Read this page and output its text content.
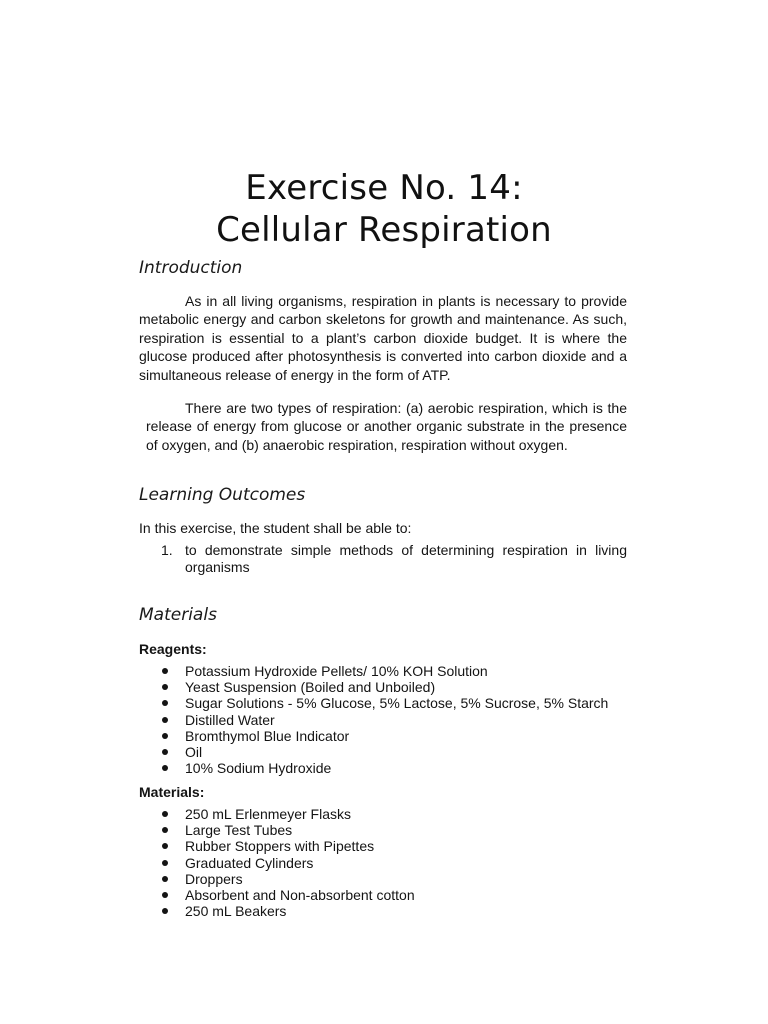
Exercise No. 14:
Cellular Respiration
Introduction

As in all living organisms, respiration in plants is necessary to provide metabolic energy and carbon skeletons for growth and maintenance. As such, respiration is essential to a plant’s carbon dioxide budget. It is where the glucose produced after photosynthesis is converted into carbon dioxide and a simultaneous release of energy in the form of ATP.

There are two types of respiration: (a) aerobic respiration, which is the release of energy from glucose or another organic substrate in the presence of oxygen, and (b) anaerobic respiration, respiration without oxygen.

Learning Outcomes

In this exercise, the student shall be able to:

1. to demonstrate simple methods of determining respiration in living organisms
Materials

Reagents:

Potassium Hydroxide Pellets/ 10% KOH Solution
Yeast Suspension (Boiled and Unboiled)
Sugar Solutions - 5% Glucose, 5% Lactose, 5% Sucrose, 5% Starch
Distilled Water
Bromthymol Blue Indicator
Oil
10% Sodium Hydroxide

Materials:

250 mL Erlenmeyer Flasks
Large Test Tubes
Rubber Stoppers with Pipettes
Graduated Cylinders
Droppers
Absorbent and Non-absorbent cotton
250 mL Beakers
